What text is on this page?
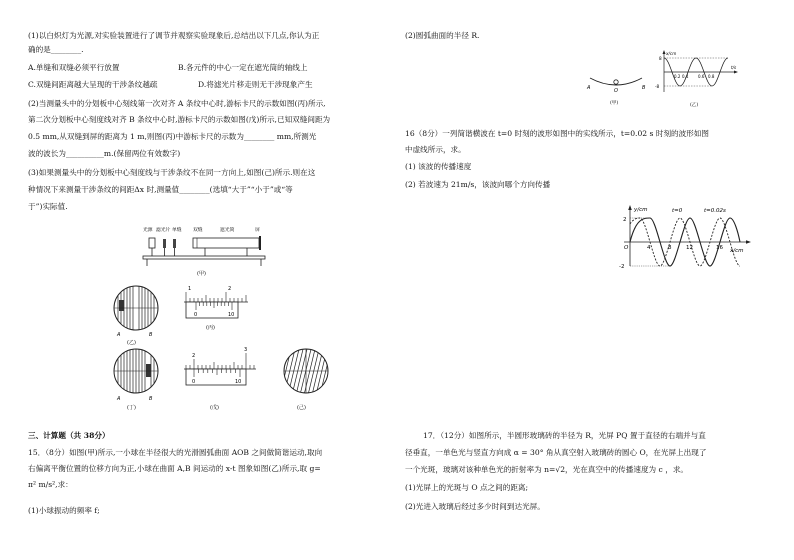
(1)以白炽灯为光源,对实验装置进行了调节并观察实验现象后,总结出以下几点,你认为正
确的是________.
A.单缝和双缝必须平行放置	B.各元件的中心一定在遮光筒的轴线上
C.双缝间距离越大呈现的干涉条纹越疏	D.将滤光片移走则无干涉现象产生
(2)当测量头中的分划板中心刻线第一次对齐 A 条纹中心时,游标卡尺的示数如图(丙)所示,
第二次分划板中心刻度线对齐 B 条纹中心时,游标卡尺的示数如图(戊)所示,已知双缝间距为
0.5 mm,从双缝到屏的距离为 1 m,则图(丙)中游标卡尺的示数为________ mm,所测光
波的波长为__________m.(保留两位有效数字)
(3)如果测量头中的分划板中心刻度线与干涉条纹不在同一方向上,如图(己)所示.则在这
种情况下来测量干涉条纹的间距Δx 时,测量值________(选填“大于”“小于”或“等
于”)实际值.
三、计算题（共 38分）
15．（8分）如图(甲)所示,一小球在半径很大的光滑圆弧曲面 AOB 之间做简谐运动,取向
右偏离平衡位置的位移方向为正,小球在曲面 A,B 间运动的 x-t 图象如图(乙)所示,取 g=
π² m/s²,求：
(1)小球振动的频率 f;
光源 滤光片 单缝 双缝	遮光筒	屏
(甲)
A	B
(乙)
1	2
0	10
(丙)
A	B
(丁)
2
3
0	10
(戊)	(己)
(2)圆弧曲面的半径 R.
16（8分）一列简谐横波在 t=0 时刻的波形如图中的实线所示，t=0.02 s 时刻的波形如图
中虚线所示，求。
(1) 该波的传播速度
(2) 若波速为 21m/s，该波向哪个方向传播
17．（12分）如图所示，半圆形玻璃砖的半径为 R，光屏 PQ 置于直径的右端并与直
径垂直，一单色光与竖直方向成 α = 30° 角从真空射入玻璃砖的圆心 O，在光屏上出现了
一个光斑，玻璃对该种单色光的折射率为 n=√2，光在真空中的传播速度为 c ，求。
(1)光屏上的光斑与 O 点之间的距离;
(2)光进入玻璃后经过多少时间到达光屏。
A	O	B
(甲)
x/cm
t/s
8
-8
0.2 0.4 0.6 0.8
(乙)
y/cm
x/cm
t=0	t=0.02s
2
-2
O	4	8	12	16
